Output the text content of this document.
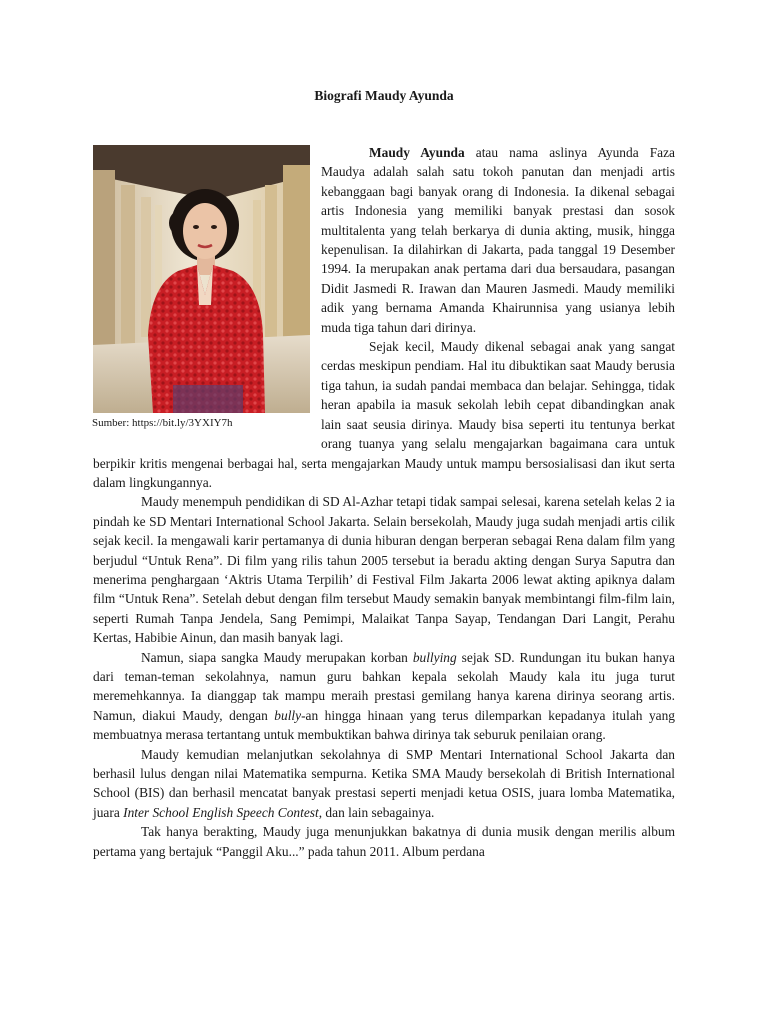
Biografi Maudy Ayunda
Sumber: https://bit.ly/3YXIY7h

Maudy Ayunda atau nama aslinya Ayunda Faza Maudya adalah salah satu tokoh panutan dan menjadi artis kebanggaan bagi banyak orang di Indonesia. Ia dikenal sebagai artis Indonesia yang memiliki banyak prestasi dan sosok multitalenta yang telah berkarya di dunia akting, musik, hingga kepenulisan. Ia dilahirkan di Jakarta, pada tanggal 19 Desember 1994. Ia merupakan anak pertama dari dua bersaudara, pasangan Didit Jasmedi R. Irawan dan Mauren Jasmedi. Maudy memiliki adik yang bernama Amanda Khairunnisa yang usianya lebih muda tiga tahun dari dirinya.

Sejak kecil, Maudy dikenal sebagai anak yang sangat cerdas meskipun pendiam. Hal itu dibuktikan saat Maudy berusia tiga tahun, ia sudah pandai membaca dan belajar. Sehingga, tidak heran apabila ia masuk sekolah lebih cepat dibandingkan anak lain saat seusia dirinya. Maudy bisa seperti itu tentunya berkat orang tuanya yang selalu mengajarkan bagaimana cara untuk berpikir kritis mengenai berbagai hal, serta mengajarkan Maudy untuk mampu bersosialisasi dan ikut serta dalam lingkungannya.

Maudy menempuh pendidikan di SD Al-Azhar tetapi tidak sampai selesai, karena setelah kelas 2 ia pindah ke SD Mentari International School Jakarta. Selain bersekolah, Maudy juga sudah menjadi artis cilik sejak kecil. Ia mengawali karir pertamanya di dunia hiburan dengan berperan sebagai Rena dalam film yang berjudul “Untuk Rena”. Di film yang rilis tahun 2005 tersebut ia beradu akting dengan Surya Saputra dan menerima penghargaan ‘Aktris Utama Terpilih’ di Festival Film Jakarta 2006 lewat akting apiknya dalam film “Untuk Rena”. Setelah debut dengan film tersebut Maudy semakin banyak membintangi film-film lain, seperti Rumah Tanpa Jendela, Sang Pemimpi, Malaikat Tanpa Sayap, Tendangan Dari Langit, Perahu Kertas, Habibie Ainun, dan masih banyak lagi.

Namun, siapa sangka Maudy merupakan korban bullying sejak SD. Rundungan itu bukan hanya dari teman-teman sekolahnya, namun guru bahkan kepala sekolah Maudy kala itu juga turut meremehkannya. Ia dianggap tak mampu meraih prestasi gemilang hanya karena dirinya seorang artis. Namun, diakui Maudy, dengan bully-an hingga hinaan yang terus dilemparkan kepadanya itulah yang membuatnya merasa tertantang untuk membuktikan bahwa dirinya tak seburuk penilaian orang.

Maudy kemudian melanjutkan sekolahnya di SMP Mentari International School Jakarta dan berhasil lulus dengan nilai Matematika sempurna. Ketika SMA Maudy bersekolah di British International School (BIS) dan berhasil mencatat banyak prestasi seperti menjadi ketua OSIS, juara lomba Matematika, juara Inter School English Speech Contest, dan lain sebagainya.

Tak hanya berakting, Maudy juga menunjukkan bakatnya di dunia musik dengan merilis album pertama yang bertajuk “Panggil Aku...” pada tahun 2011. Album perdana
